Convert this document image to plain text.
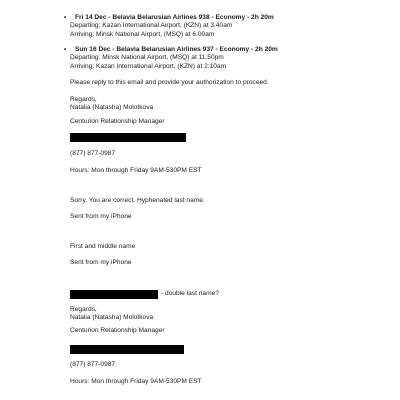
• Fri 14 Dec - Belavia Belarusian Airlines 938 - Economy - 2h 20m
Departing: Kazan International Airport, (KZN) at 3.40am
Arriving: Minsk National Airport, (MSQ) at 6.00am
• Sun 16 Dec - Belavia Belarusian Airlines 937 - Economy - 2h 20m
Departing: Minsk National Airport, (MSQ) at 11.50pm
Arriving: Kazan International Airport, (KZN) at 2:10am
Please reply to this email and provide your authorization to proceed.
Regards,
Natalia (Natasha) Molotkova
Centurion Relationship Manager
(877) 877-0987
Hours: Mon through Friday 9AM-530PM EST
Sorry. You are correct. Hyphenated last name.
Sent from my iPhone
First and middle name
Sent from my iPhone
- double last name?
Regards,
Natalia (Natasha) Molotkova
Centurion Relationship Manager
(877) 877-0987
Hours: Mon through Friday 9AM-530PM EST
